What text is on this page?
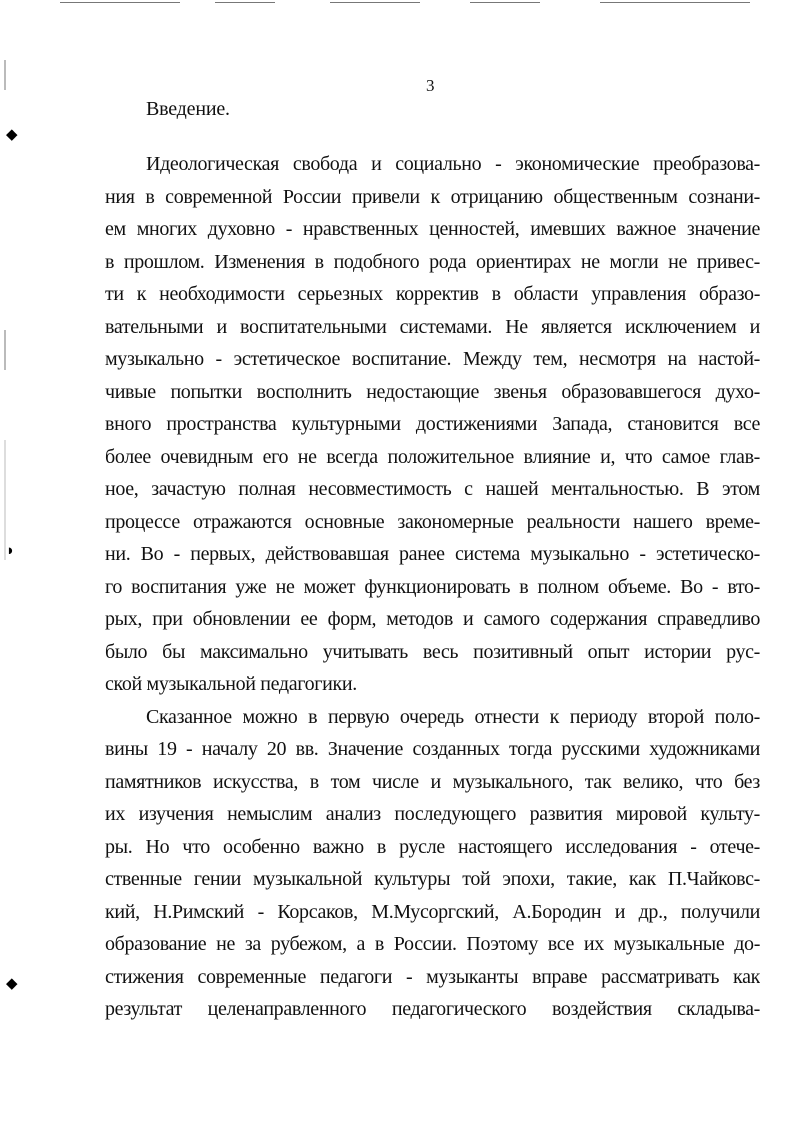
◆
◗
◆
3
Введение.
Идеологическая свобода и социально - экономические преобразова-
ния в современной России привели к отрицанию общественным сознани-
ем многих духовно - нравственных ценностей, имевших важное значение
в прошлом. Изменения в подобного рода ориентирах не могли не привес-
ти к необходимости серьезных корректив в области управления образо-
вательными и воспитательными системами. Не является исключением и
музыкально - эстетическое воспитание. Между тем, несмотря на настой-
чивые попытки восполнить недостающие звенья образовавшегося духо-
вного пространства культурными достижениями Запада, становится все
более очевидным его не всегда положительное влияние и, что самое глав-
ное, зачастую полная несовместимость с нашей ментальностью. В этом
процессе отражаются основные закономерные реальности нашего време-
ни. Во - первых, действовавшая ранее система музыкально - эстетическо-
го воспитания уже не может функционировать в полном объеме. Во - вто-
рых, при обновлении ее форм, методов и самого содержания справедливо
было бы максимально учитывать весь позитивный опыт истории рус-
ской музыкальной педагогики.
Сказанное можно в первую очередь отнести к периоду второй поло-
вины 19 - началу 20 вв. Значение созданных тогда русскими художниками
памятников искусства, в том числе и музыкального, так велико, что без
их изучения немыслим анализ последующего развития мировой культу-
ры. Но что особенно важно в русле настоящего исследования - отече-
ственные гении музыкальной культуры той эпохи, такие, как П.Чайковс-
кий, Н.Римский - Корсаков, М.Мусоргский, А.Бородин и др., получили
образование не за рубежом, а в России. Поэтому все их музыкальные до-
стижения современные педагоги - музыканты вправе рассматривать как
результат целенаправленного педагогического воздействия складыва-
